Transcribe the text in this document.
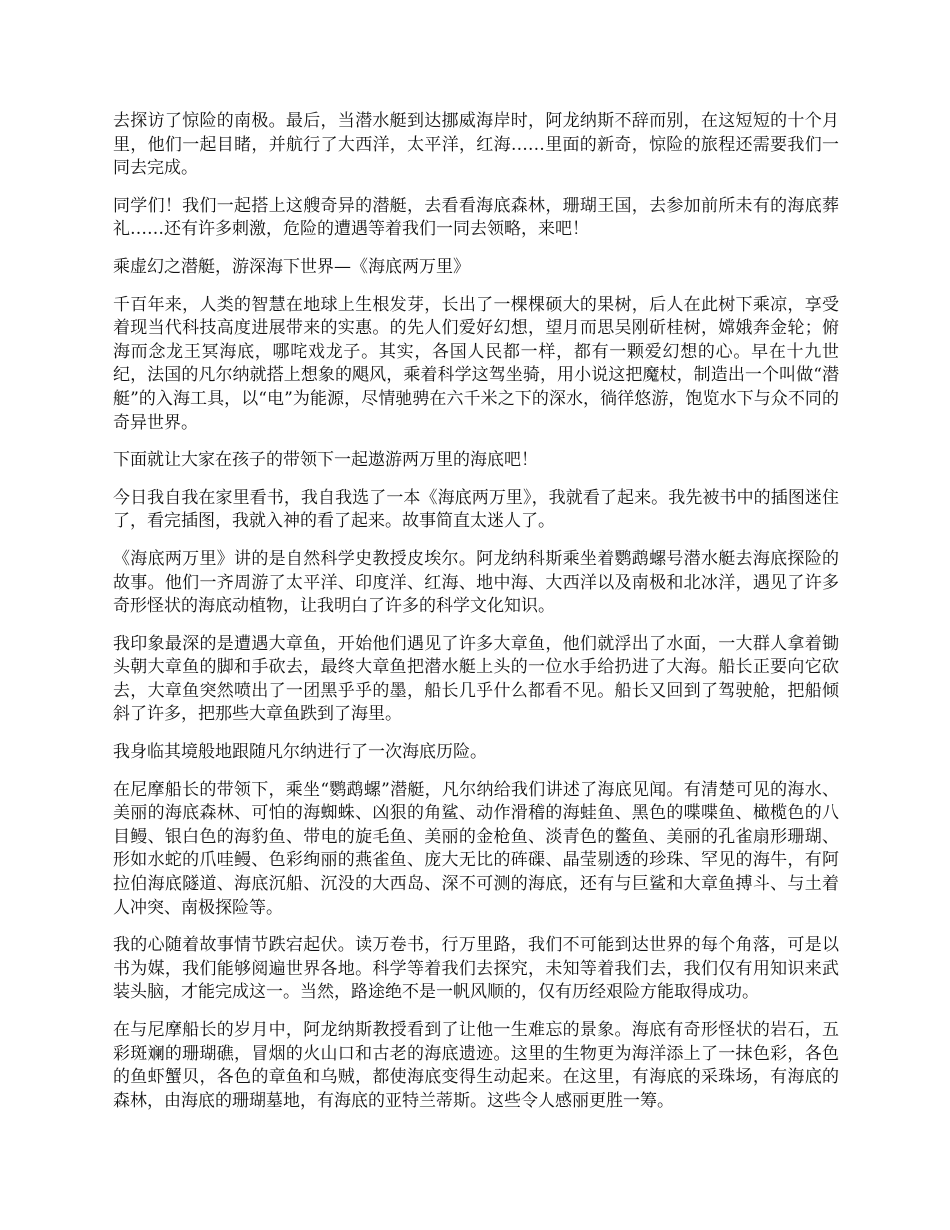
去探访了惊险的南极。最后，当潜水艇到达挪威海岸时，阿龙纳斯不辞而别，在这短短的十个月里，他们一起目睹，并航行了大西洋，太平洋，红海……里面的新奇，惊险的旅程还需要我们一同去完成。

同学们！我们一起搭上这艘奇异的潜艇，去看看海底森林，珊瑚王国，去参加前所未有的海底葬礼……还有许多刺激，危险的遭遇等着我们一同去领略，来吧！

乘虚幻之潜艇，游深海下世界—《海底两万里》

千百年来，人类的智慧在地球上生根发芽，长出了一棵棵硕大的果树，后人在此树下乘凉，享受着现当代科技高度进展带来的实惠。的先人们爱好幻想，望月而思吴刚斫桂树，嫦娥奔金轮；俯海而念龙王冥海底，哪咤戏龙子。其实，各国人民都一样，都有一颗爱幻想的心。早在十九世纪，法国的凡尔纳就搭上想象的飓风，乘着科学这驾坐骑，用小说这把魔杖，制造出一个叫做“潜艇”的入海工具，以“电”为能源，尽情驰骋在六千米之下的深水，徜徉悠游，饱览水下与众不同的奇异世界。

下面就让大家在孩子的带领下一起遨游两万里的海底吧！

今日我自我在家里看书，我自我选了一本《海底两万里》，我就看了起来。我先被书中的插图迷住了，看完插图，我就入神的看了起来。故事简直太迷人了。

《海底两万里》讲的是自然科学史教授皮埃尔。阿龙纳科斯乘坐着鹦鹉螺号潜水艇去海底探险的故事。他们一齐周游了太平洋、印度洋、红海、地中海、大西洋以及南极和北冰洋，遇见了许多奇形怪状的海底动植物，让我明白了许多的科学文化知识。

我印象最深的是遭遇大章鱼，开始他们遇见了许多大章鱼，他们就浮出了水面，一大群人拿着锄头朝大章鱼的脚和手砍去，最终大章鱼把潜水艇上头的一位水手给扔进了大海。船长正要向它砍去，大章鱼突然喷出了一团黑乎乎的墨，船长几乎什么都看不见。船长又回到了驾驶舱，把船倾斜了许多，把那些大章鱼跌到了海里。

我身临其境般地跟随凡尔纳进行了一次海底历险。

在尼摩船长的带领下，乘坐“鹦鹉螺”潜艇，凡尔纳给我们讲述了海底见闻。有清楚可见的海水、美丽的海底森林、可怕的海蜘蛛、凶狠的角鲨、动作滑稽的海蛙鱼、黑色的喋喋鱼、橄榄色的八目鳗、银白色的海豹鱼、带电的旋毛鱼、美丽的金枪鱼、淡青色的鳖鱼、美丽的孔雀扇形珊瑚、形如水蛇的爪哇鳗、色彩绚丽的燕雀鱼、庞大无比的砗磲、晶莹剔透的珍珠、罕见的海牛，有阿拉伯海底隧道、海底沉船、沉没的大西岛、深不可测的海底，还有与巨鲨和大章鱼搏斗、与土着人冲突、南极探险等。

我的心随着故事情节跌宕起伏。读万卷书，行万里路，我们不可能到达世界的每个角落，可是以书为媒，我们能够阅遍世界各地。科学等着我们去探究，未知等着我们去，我们仅有用知识来武装头脑，才能完成这一。当然，路途绝不是一帆风顺的，仅有历经艰险方能取得成功。

在与尼摩船长的岁月中，阿龙纳斯教授看到了让他一生难忘的景象。海底有奇形怪状的岩石，五彩斑斓的珊瑚礁，冒烟的火山口和古老的海底遗迹。这里的生物更为海洋添上了一抹色彩，各色的鱼虾蟹贝，各色的章鱼和乌贼，都使海底变得生动起来。在这里，有海底的采珠场，有海底的森林，由海底的珊瑚墓地，有海底的亚特兰蒂斯。这些令人感丽更胜一筹。
